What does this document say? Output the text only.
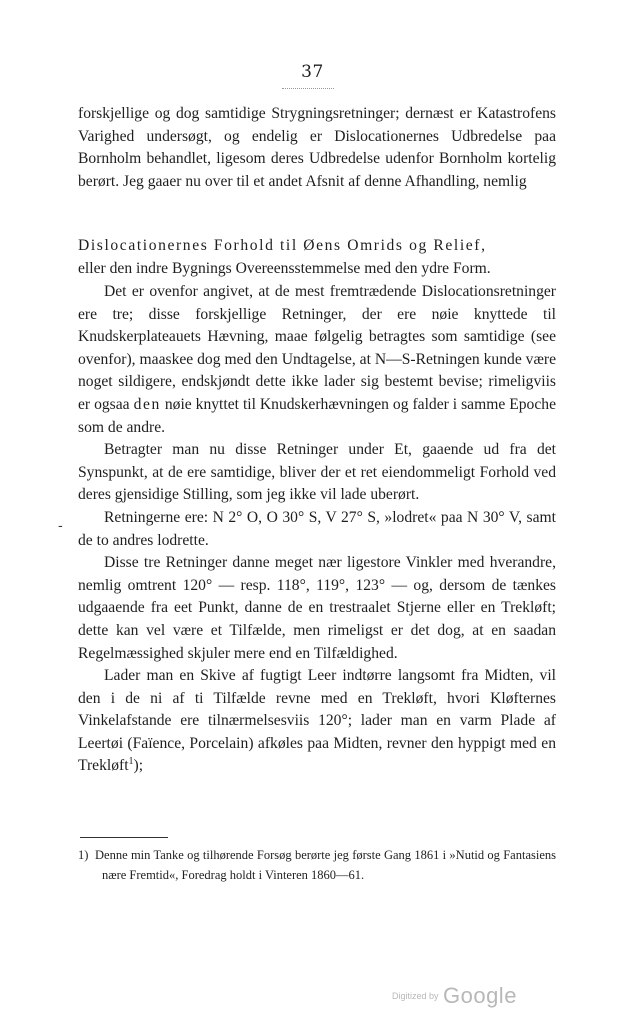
37

forskjellige og dog samtidige Strygningsretninger; dernæst er Katastrofens Varighed undersøgt, og endelig er Dislocationernes Udbredelse paa Bornholm behandlet, ligesom deres Udbredelse udenfor Bornholm kortelig berørt. Jeg gaaer nu over til et andet Afsnit af denne Afhandling, nemlig

Dislocationernes Forhold til Øens Omrids og Relief,

eller den indre Bygnings Overeensstemmelse med den ydre Form.

Det er ovenfor angivet, at de mest fremtrædende Dislocationsretninger ere tre; disse forskjellige Retninger, der ere nøie knyttede til Knudskerplateauets Hævning, maae følgelig betragtes som samtidige (see ovenfor), maaskee dog med den Undtagelse, at N—S-Retningen kunde være noget sildigere, endskjøndt dette ikke lader sig bestemt bevise; rimeligviis er ogsaa den nøie knyttet til Knudskerhævningen og falder i samme Epoche som de andre.

Betragter man nu disse Retninger under Et, gaaende ud fra det Synspunkt, at de ere samtidige, bliver der et ret eiendommeligt Forhold ved deres gjensidige Stilling, som jeg ikke vil lade uberørt.

Retningerne ere: N 2° O, O 30° S, V 27° S, »lodret« paa N 30° V, samt de to andres lodrette.

Disse tre Retninger danne meget nær ligestore Vinkler med hverandre, nemlig omtrent 120° — resp. 118°, 119°, 123° — og, dersom de tænkes udgaaende fra eet Punkt, danne de en trestraalet Stjerne eller en Trekløft; dette kan vel være et Tilfælde, men rimeligst er det dog, at en saadan Regelmæssighed skjuler mere end en Tilfældighed.

Lader man en Skive af fugtigt Leer indtørre langsomt fra Midten, vil den i de ni af ti Tilfælde revne med en Trekløft, hvori Kløfternes Vinkelafstande ere tilnærmelsesviis 120°; lader man en varm Plade af Leertøi (Faïence, Porcelain) afkøles paa Midten, revner den hyppigt med en Trekløft$^1$);

-
1) Denne min Tanke og tilhørende Forsøg berørte jeg første Gang 1861 i »Nutid og Fantasiens nære Fremtid«, Foredrag holdt i Vinteren 1860—61.
Digitized by Google
